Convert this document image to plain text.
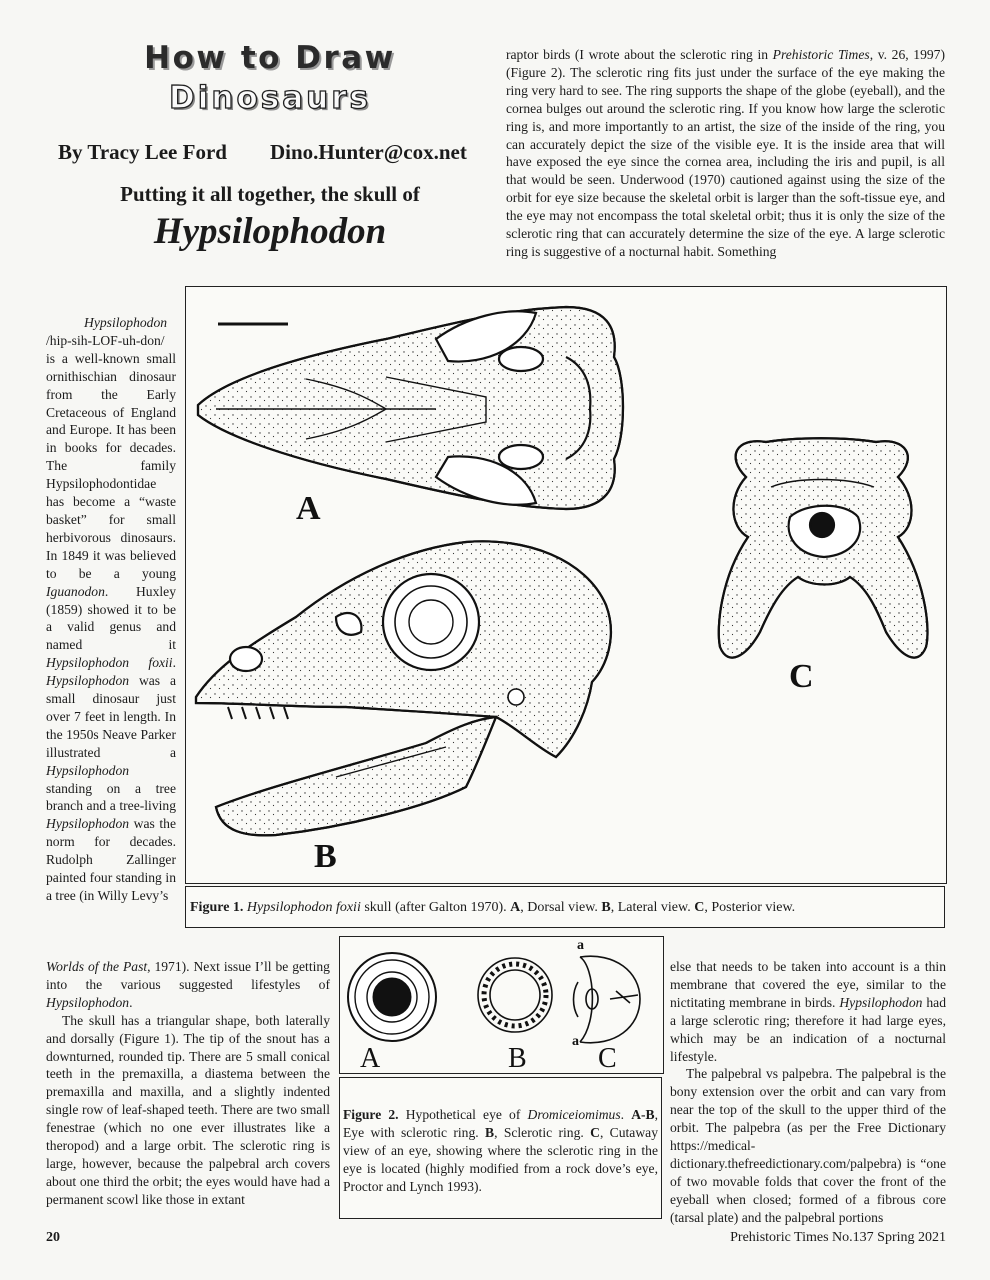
How to Draw
Dinosaurs
By Tracy Lee Ford Dino.Hunter@cox.net
Putting it all together, the skull of
Hypsilophodon

raptor birds (I wrote about the sclerotic ring in Prehistoric Times, v. 26, 1997) (Figure 2). The sclerotic ring fits just under the surface of the eye making the ring very hard to see. The ring supports the shape of the globe (eyeball), and the cornea bulges out around the sclerotic ring. If you know how large the sclerotic ring is, and more importantly to an artist, the size of the inside of the ring, you can accurately depict the size of the visible eye. It is the inside area that will have exposed the eye since the cornea area, including the iris and pupil, is all that would be seen. Underwood (1970) cautioned against using the size of the orbit for eye size because the skeletal orbit is larger than the soft-tissue eye, and the eye may not encompass the total skeletal orbit; thus it is only the size of the sclerotic ring that can accurately determine the size of the eye. A large sclerotic ring is suggestive of a nocturnal habit. Something

Hypsilophodon /hip-sih-LOF-uh-don/ is a well-known small ornithischian dinosaur from the Early Cretaceous of England and Europe. It has been in books for decades. The family Hypsilophodontidae has become a “waste basket” for small herbivorous dinosaurs. In 1849 it was believed to be a young Iguanodon. Huxley (1859) showed it to be a valid genus and named it Hypsilophodon foxii. Hypsilophodon was a small dinosaur just over 7 feet in length. In the 1950s Neave Parker illustrated a Hypsilophodon standing on a tree branch and a tree-living Hypsilophodon was the norm for decades. Rudolph Zallinger painted four standing in a tree (in Willy Levy’s

Worlds of the Past, 1971). Next issue I’ll be getting into the various suggested lifestyles of Hypsilophodon.

The skull has a triangular shape, both laterally and dorsally (Figure 1). The tip of the snout has a downturned, rounded tip. There are 5 small conical teeth in the premaxilla, a diastema between the premaxilla and maxilla, and a slightly indented single row of leaf-shaped teeth. There are two small fenestrae (which no one ever illustrates like a theropod) and a large orbit. The sclerotic ring is large, however, because the palpebral arch covers about one third the orbit; the eyes would have had a permanent scowl like those in extant

else that needs to be taken into account is a thin membrane that covered the eye, similar to the nictitating membrane in birds. Hypsilophodon had a large sclerotic ring; therefore it had large eyes, which may be an indication of a nocturnal lifestyle.

The palpebral vs palpebra. The palpebral is the bony extension over the orbit and can vary from near the top of the skull to the upper third of the orbit. The palpebra (as per the Free Dictionary https://medical-dictionary.thefreedictionary.com/palpebra) is “one of two movable folds that cover the front of the eyeball when closed; formed of a fibrous core (tarsal plate) and the palpebral portions

A
C
B
Figure 1. Hypsilophodon foxii skull (after Galton 1970). A, Dorsal view. B, Lateral view. C, Posterior view.
a
a
A	B	C
Figure 2. Hypothetical eye of Dromiceiomimus. A-B, Eye with sclerotic ring. B, Sclerotic ring. C, Cutaway view of an eye, showing where the sclerotic ring in the eye is located (highly modified from a rock dove’s eye, Proctor and Lynch 1993).
20	Prehistoric Times No.137 Spring 2021
